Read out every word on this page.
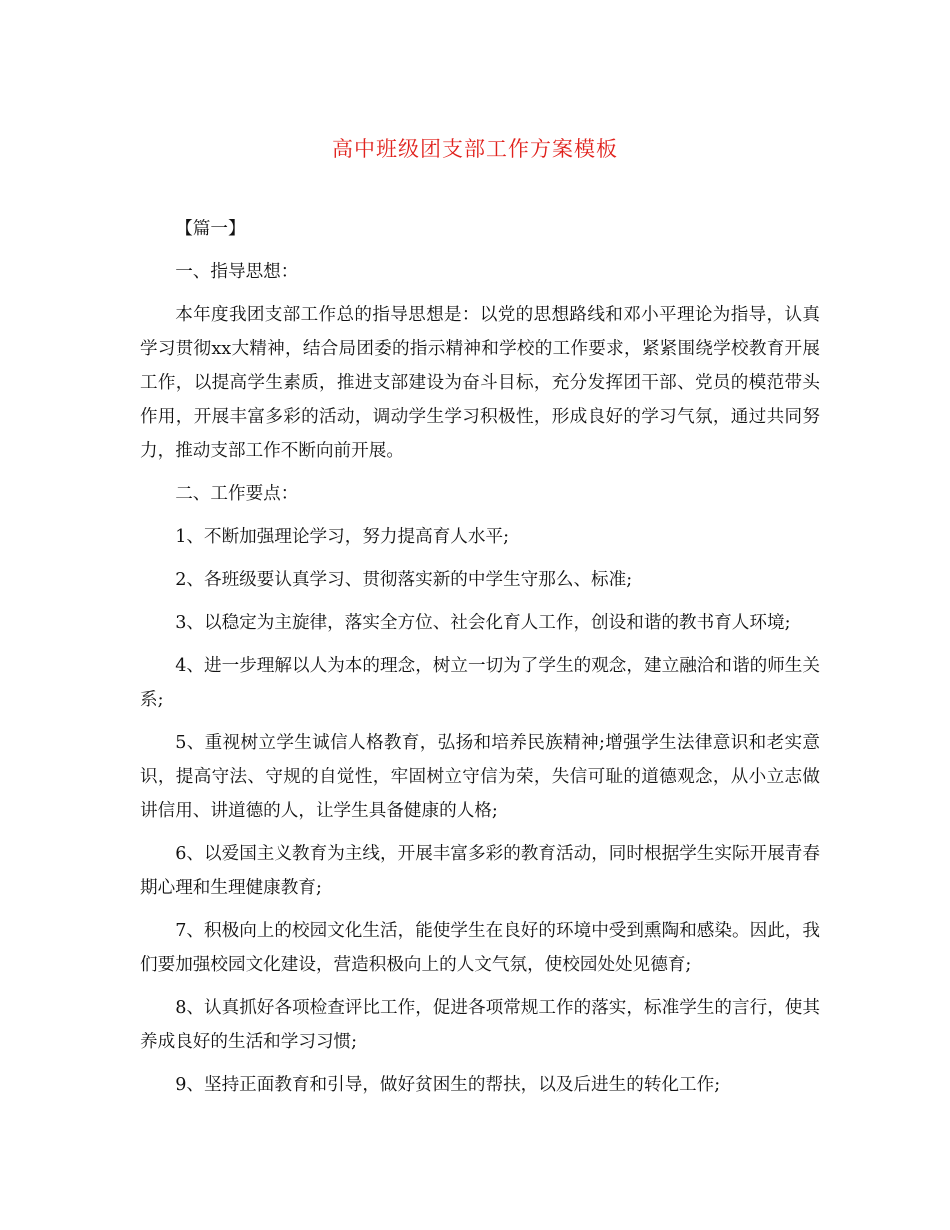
高中班级团支部工作方案模板

【篇一】

一、指导思想：

本年度我团支部工作总的指导思想是：以党的思想路线和邓小平理论为指导，认真学习贯彻xx大精神，结合局团委的指示精神和学校的工作要求，紧紧围绕学校教育开展工作，以提高学生素质，推进支部建设为奋斗目标，充分发挥团干部、党员的模范带头作用，开展丰富多彩的活动，调动学生学习积极性，形成良好的学习气氛，通过共同努力，推动支部工作不断向前开展。

二、工作要点：

1、不断加强理论学习，努力提高育人水平;

2、各班级要认真学习、贯彻落实新的中学生守那么、标准;

3、以稳定为主旋律，落实全方位、社会化育人工作，创设和谐的教书育人环境;

4、进一步理解以人为本的理念，树立一切为了学生的观念，建立融洽和谐的师生关系;

5、重视树立学生诚信人格教育，弘扬和培养民族精神;增强学生法律意识和老实意识，提高守法、守规的自觉性，牢固树立守信为荣，失信可耻的道德观念，从小立志做讲信用、讲道德的人，让学生具备健康的人格;

6、以爱国主义教育为主线，开展丰富多彩的教育活动，同时根据学生实际开展青春期心理和生理健康教育;

7、积极向上的校园文化生活，能使学生在良好的环境中受到熏陶和感染。因此，我们要加强校园文化建设，营造积极向上的人文气氛，使校园处处见德育;

8、认真抓好各项检查评比工作，促进各项常规工作的落实，标准学生的言行，使其养成良好的生活和学习习惯;

9、坚持正面教育和引导，做好贫困生的帮扶，以及后进生的转化工作;
